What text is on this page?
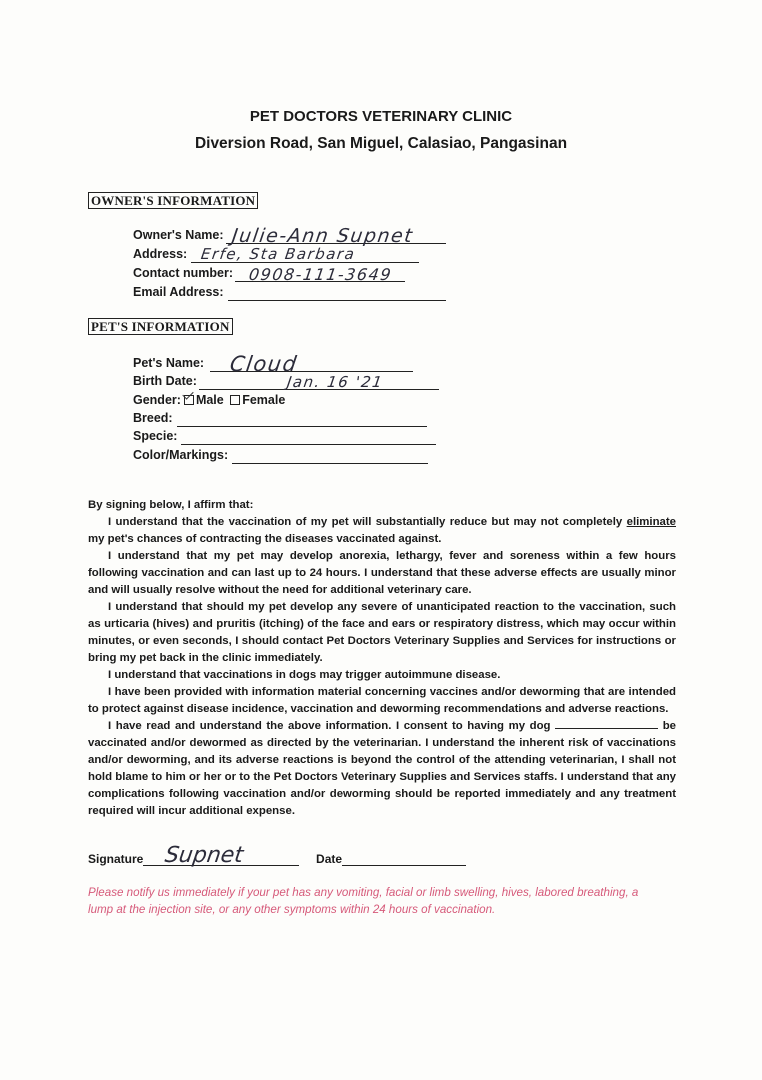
PET DOCTORS VETERINARY CLINIC
Diversion Road, San Miguel, Calasiao, Pangasinan
OWNER'S INFORMATION
Owner's Name: Julie-Ann Supnet
Address: Erfe, Sta Barbara
Contact number: 0908-111-3649
Email Address:
PET'S INFORMATION
Pet's Name: Cloud
Birth Date:	Jan. 16 '21
Gender: Male Female
Breed:
Specie:
Color/Markings:

By signing below, I affirm that:

I understand that the vaccination of my pet will substantially reduce but may not completely eliminate my pet's chances of contracting the diseases vaccinated against.

I understand that my pet may develop anorexia, lethargy, fever and soreness within a few hours following vaccination and can last up to 24 hours. I understand that these adverse effects are usually minor and will usually resolve without the need for additional veterinary care.

I understand that should my pet develop any severe of unanticipated reaction to the vaccination, such as urticaria (hives) and pruritis (itching) of the face and ears or respiratory distress, which may occur within minutes, or even seconds, I should contact Pet Doctors Veterinary Supplies and Services for instructions or bring my pet back in the clinic immediately.

I understand that vaccinations in dogs may trigger autoimmune disease.

I have been provided with information material concerning vaccines and/or deworming that are intended to protect against disease incidence, vaccination and deworming recommendations and adverse reactions.

I have read and understand the above information. I consent to having my dog	be vaccinated and/or dewormed as directed by the veterinarian. I understand the inherent risk of vaccinations and/or deworming, and its adverse reactions is beyond the control of the attending veterinarian, I shall not hold blame to him or her or to the Pet Doctors Veterinary Supplies and Services staffs. I understand that any complications following vaccination and/or deworming should be reported immediately and any treatment required will incur additional expense.

Signature Supnet	Date
Please notify us immediately if your pet has any vomiting, facial or limb swelling, hives, labored breathing, a lump at the injection site, or any other symptoms within 24 hours of vaccination.
